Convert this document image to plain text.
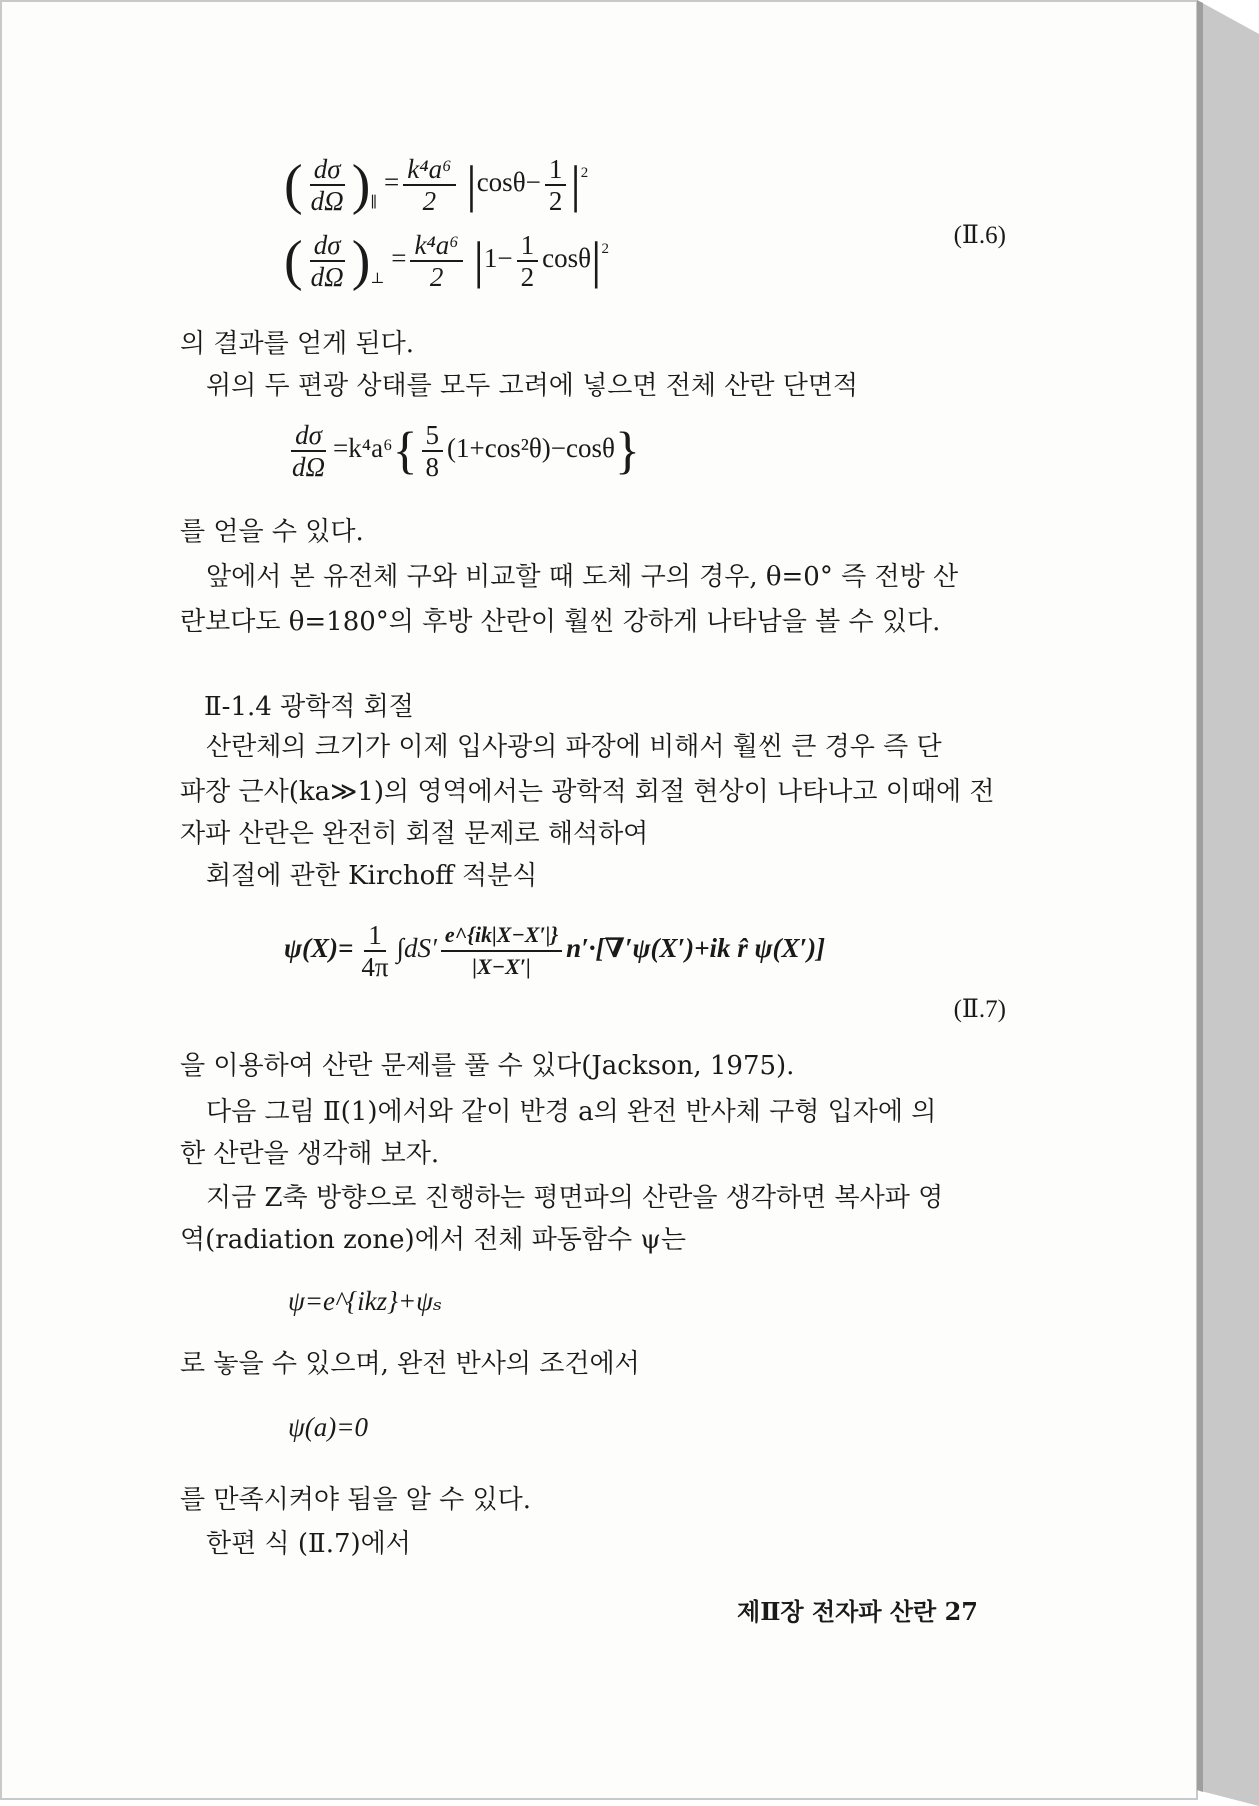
( $\frac{d\sigma}{d\Omega} )_\parallel = \frac{\text{k⁴a⁶}}{2} |\cos\theta- \frac{1}{2} |^2$
( $\frac{d\sigma}{d\Omega} )_\perp = \frac{\text{k⁴a⁶}}{2} |1- \frac{1}{2} \cos\theta|^2$
(Ⅱ.6)
의 결과를 얻게 된다.
위의 두 편광 상태를 모두 고려에 넣으면 전체 산란 단면적
$\frac{d\sigma}{d\Omega} =k^4a^6\{ \frac{5}{8} (1+\cos^2\theta)-\cos\theta\}$
를 얻을 수 있다.
앞에서 본 유전체 구와 비교할 때 도체 구의 경우, θ=0° 즉 전방 산
란보다도 θ=180°의 후방 산란이 훨씬 강하게 나타남을 볼 수 있다.
Ⅱ-1.4 광학적 회절
산란체의 크기가 이제 입사광의 파장에 비해서 훨씬 큰 경우 즉 단
파장 근사(ka≫1)의 영역에서는 광학적 회절 현상이 나타나고 이때에 전
자파 산란은 완전히 회절 문제로 해석하여
회절에 관한 Kirchoff 적분식
$\psi(X)= \frac{1}{4\pi} \int dS' \frac{e\^{}\{ik|X-X'|\}}{|X-X'|} n'\cdot[\nabla'\psi(X')+ik$ r̂ ψ(X′)]
(Ⅱ.7)
을 이용하여 산란 문제를 풀 수 있다(Jackson, 1975).
다음 그림 Ⅱ(1)에서와 같이 반경 a의 완전 반사체 구형 입자에 의
한 산란을 생각해 보자.
지금 Z축 방향으로 진행하는 평면파의 산란을 생각하면 복사파 영
역(radiation zone)에서 전체 파동함수 ψ는
ψ=e^{ikz}+ψₛ
로 놓을 수 있으며, 완전 반사의 조건에서
ψ(a)=0
를 만족시켜야 됨을 알 수 있다.
한편 식 (Ⅱ.7)에서
제Ⅱ장 전자파 산란 27
